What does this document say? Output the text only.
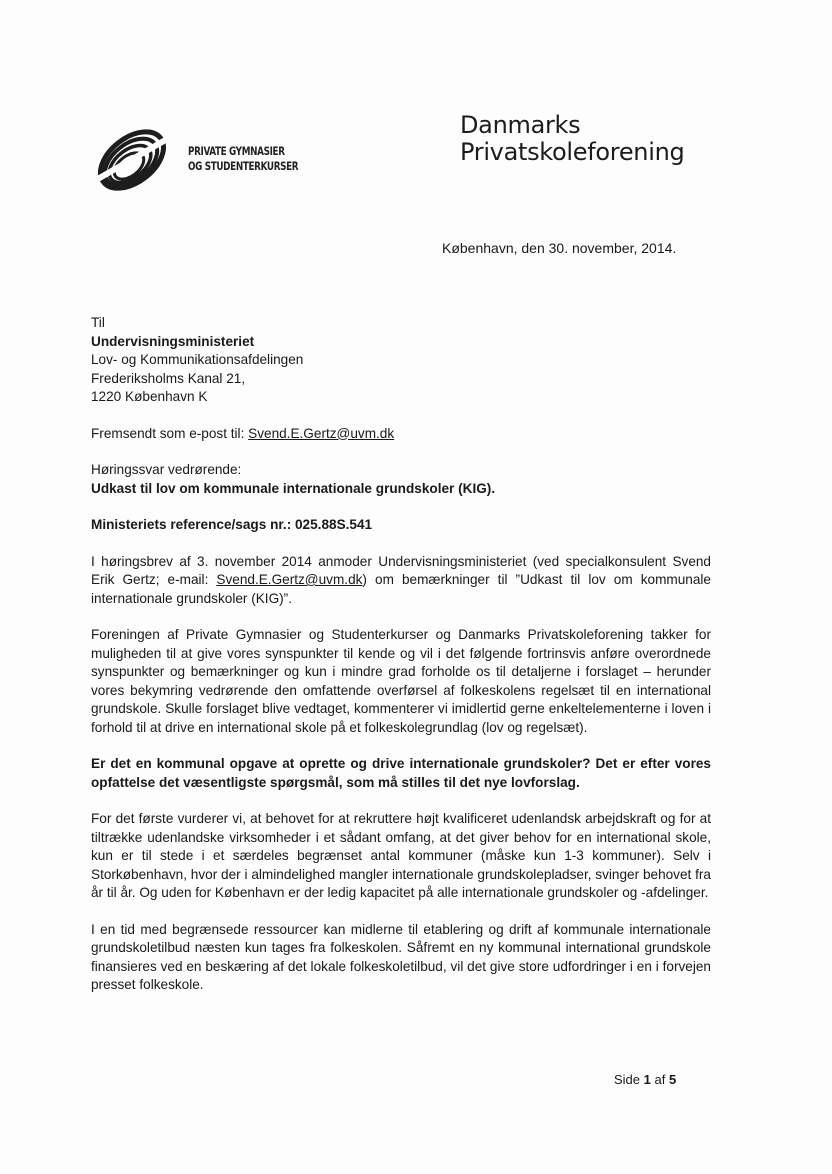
PRIVATE GYMNASIER
OG STUDENTERKURSER
Danmarks
Privatskoleforening
København, den 30. november, 2014.

Til

Undervisningsministeriet

Lov- og Kommunikationsafdelingen

Frederiksholms Kanal 21,

1220 København K

Fremsendt som e-post til: Svend.E.Gertz@uvm.dk

Høringssvar vedrørende:

Udkast til lov om kommunale internationale grundskoler (KIG).

Ministeriets reference/sags nr.: 025.88S.541

I høringsbrev af 3. november 2014 anmoder Undervisningsministeriet (ved specialkonsulent Svend Erik Gertz; e-mail: Svend.E.Gertz@uvm.dk) om bemærkninger til ”Udkast til lov om kommunale internationale grundskoler (KIG)”.

Foreningen af Private Gymnasier og Studenterkurser og Danmarks Privatskoleforening takker for muligheden til at give vores synspunkter til kende og vil i det følgende fortrinsvis anføre overordnede synspunkter og bemærkninger og kun i mindre grad forholde os til detaljerne i forslaget – herunder vores bekymring vedrørende den omfattende overførsel af folkeskolens regelsæt til en international grundskole. Skulle forslaget blive vedtaget, kommenterer vi imidlertid gerne enkeltelementerne i loven i forhold til at drive en international skole på et folkeskolegrundlag (lov og regelsæt).

Er det en kommunal opgave at oprette og drive internationale grundskoler? Det er efter vores opfattelse det væsentligste spørgsmål, som må stilles til det nye lovforslag.

For det første vurderer vi, at behovet for at rekruttere højt kvalificeret udenlandsk arbejdskraft og for at tiltrække udenlandske virksomheder i et sådant omfang, at det giver behov for en international skole, kun er til stede i et særdeles begrænset antal kommuner (måske kun 1-3 kommuner). Selv i Storkøbenhavn, hvor der i almindelighed mangler internationale grundskolepladser, svinger behovet fra år til år. Og uden for København er der ledig kapacitet på alle internationale grundskoler og -afdelinger.

I en tid med begrænsede ressourcer kan midlerne til etablering og drift af kommunale internationale grundskoletilbud næsten kun tages fra folkeskolen. Såfremt en ny kommunal international grundskole finansieres ved en beskæring af det lokale folkeskoletilbud, vil det give store udfordringer i en i forvejen presset folkeskole.

Side 1 af 5
